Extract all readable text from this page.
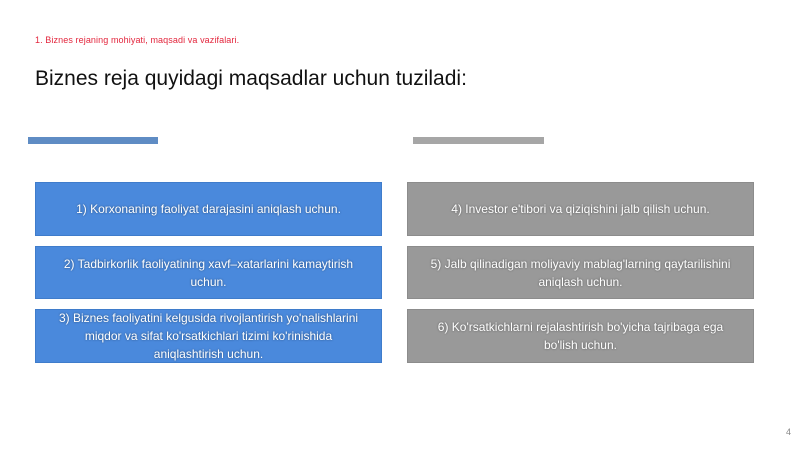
1. Biznes rejaning mohiyati, maqsadi va vazifalari.
Biznes reja quyidagi maqsadlar uchun tuziladi:
1) Korxonaning faoliyat darajasini aniqlash uchun.
2) Tadbirkorlik faoliyatining xavf–xatarlarini kamaytirish uchun.
3) Biznes faoliyatini kelgusida rivojlantirish yo'nalishlarini miqdor va sifat ko'rsatkichlari tizimi ko'rinishida aniqlashtirish uchun.
4) Investor e'tibori va qiziqishini jalb qilish uchun.
5) Jalb qilinadigan moliyaviy mablag'larning qaytarilishini aniqlash uchun.
6) Ko'rsatkichlarni rejalashtirish bo'yicha tajribaga ega bo'lish uchun.
4
